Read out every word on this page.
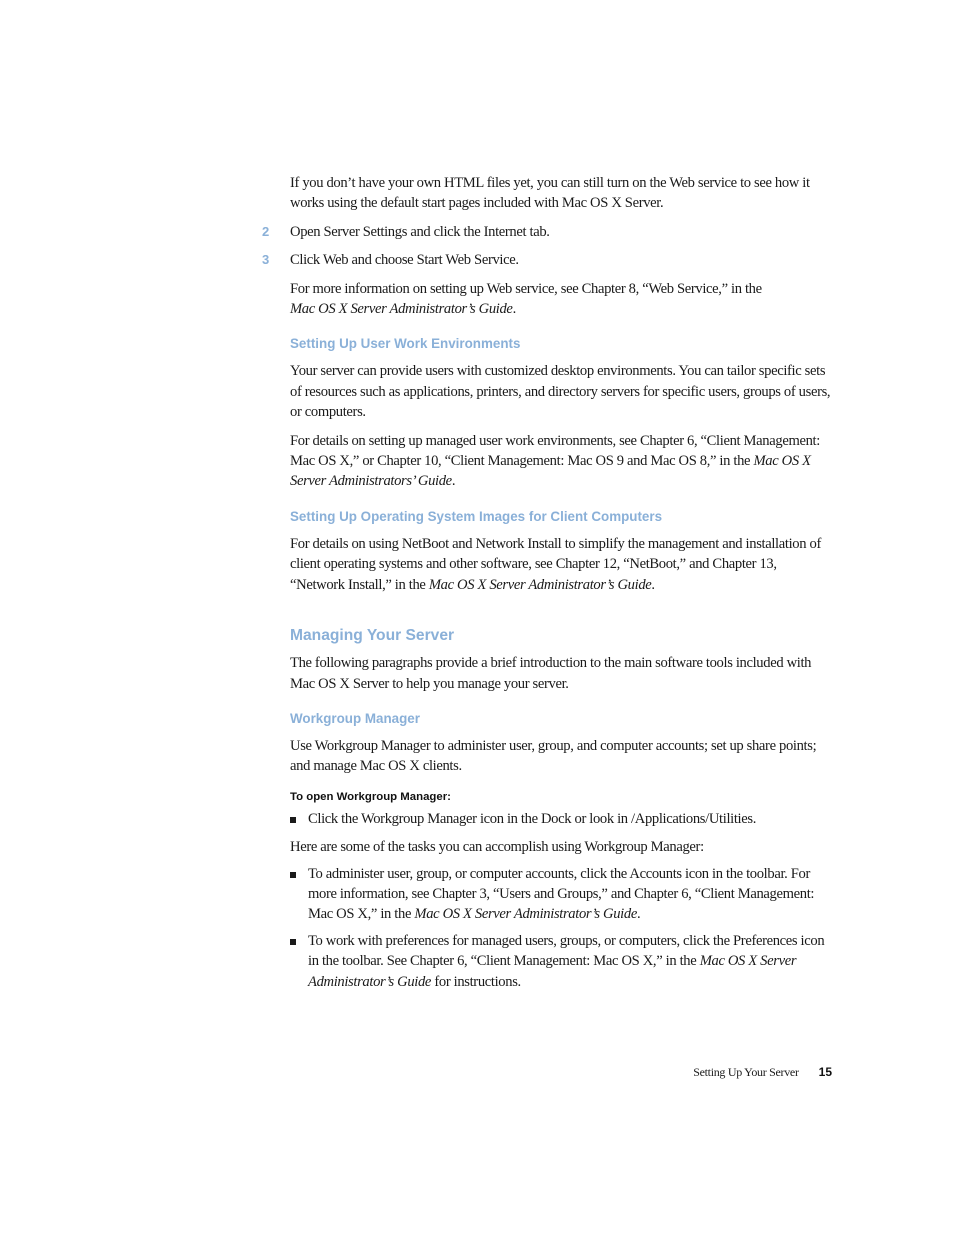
If you don’t have your own HTML files yet, you can still turn on the Web service to see how it works using the default start pages included with Mac OS X Server.

2 Open Server Settings and click the Internet tab.

3 Click Web and choose Start Web Service.

For more information on setting up Web service, see Chapter 8, “Web Service,” in the
Mac OS X Server Administrator’s Guide.

Setting Up User Work Environments

Your server can provide users with customized desktop environments. You can tailor specific sets of resources such as applications, printers, and directory servers for specific users, groups of users, or computers.

For details on setting up managed user work environments, see Chapter 6, “Client Management: Mac OS X,” or Chapter 10, “Client Management: Mac OS 9 and Mac OS 8,” in the Mac OS X Server Administrators’ Guide.

Setting Up Operating System Images for Client Computers

For details on using NetBoot and Network Install to simplify the management and installation of client operating systems and other software, see Chapter 12, “NetBoot,” and Chapter 13, “Network Install,” in the Mac OS X Server Administrator’s Guide.

Managing Your Server

The following paragraphs provide a brief introduction to the main software tools included with Mac OS X Server to help you manage your server.

Workgroup Manager

Use Workgroup Manager to administer user, group, and computer accounts; set up share points; and manage Mac OS X clients.

To open Workgroup Manager:

Click the Workgroup Manager icon in the Dock or look in /Applications/Utilities.

Here are some of the tasks you can accomplish using Workgroup Manager:

To administer user, group, or computer accounts, click the Accounts icon in the toolbar. For more information, see Chapter 3, “Users and Groups,” and Chapter 6, “Client Management: Mac OS X,” in the Mac OS X Server Administrator’s Guide.

To work with preferences for managed users, groups, or computers, click the Preferences icon in the toolbar. See Chapter 6, “Client Management: Mac OS X,” in the Mac OS X Server Administrator’s Guide for instructions.

Setting Up Your Server 15
